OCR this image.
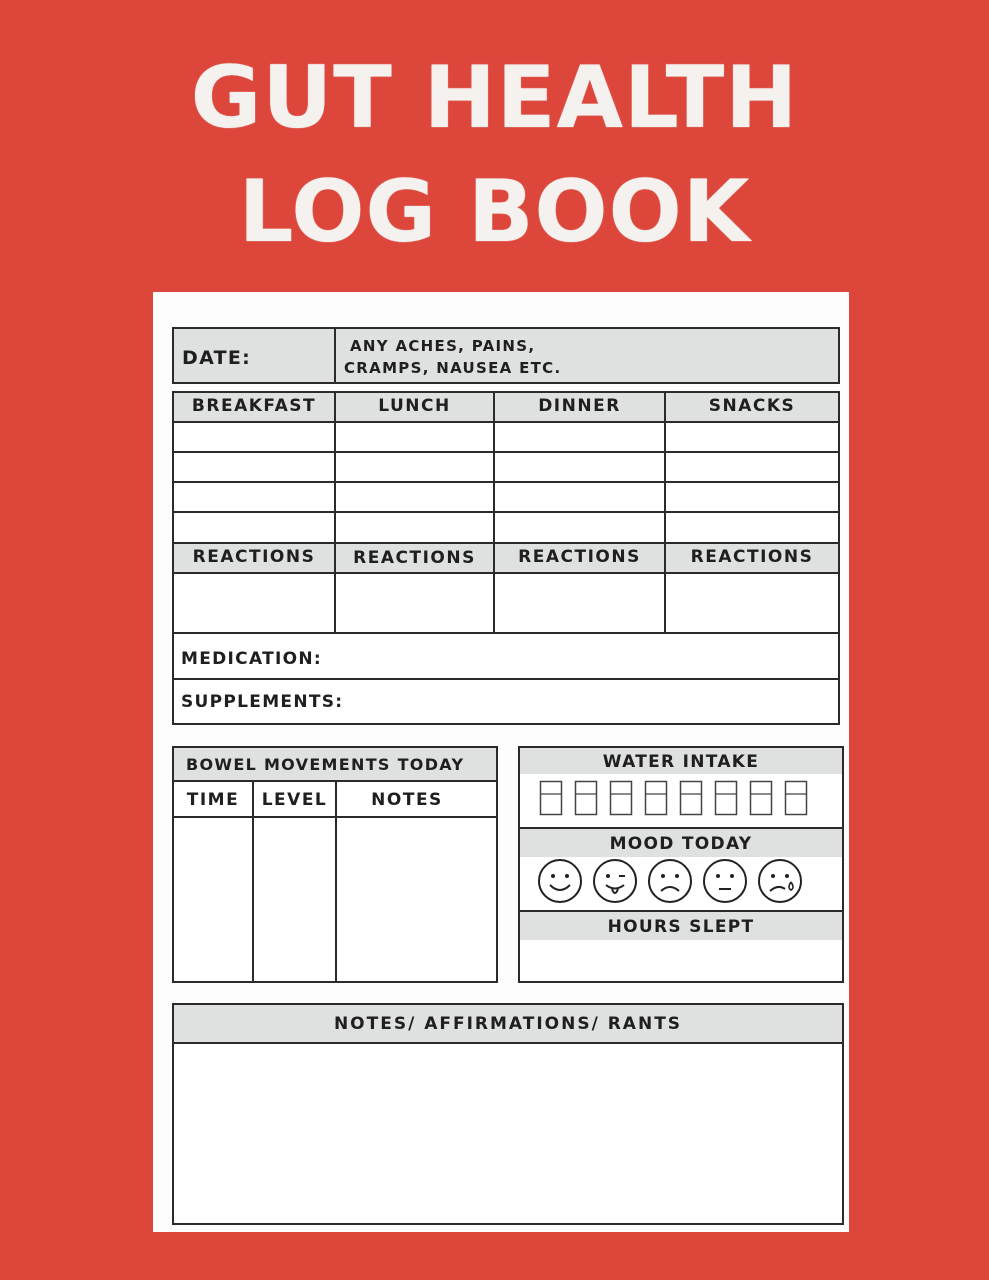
GUT HEALTH
LOG BOOK
DATE:
ANY ACHES, PAINS,
CRAMPS, NAUSEA ETC.
BREAKFAST	LUNCH	DINNER	SNACKS
REACTIONS	REACTIONS	REACTIONS	REACTIONS
MEDICATION:
SUPPLEMENTS:
BOWEL MOVEMENTS TODAY
TIME	LEVEL	NOTES
WATER INTAKE
MOOD TODAY
HOURS SLEPT
NOTES/ AFFIRMATIONS/ RANTS
